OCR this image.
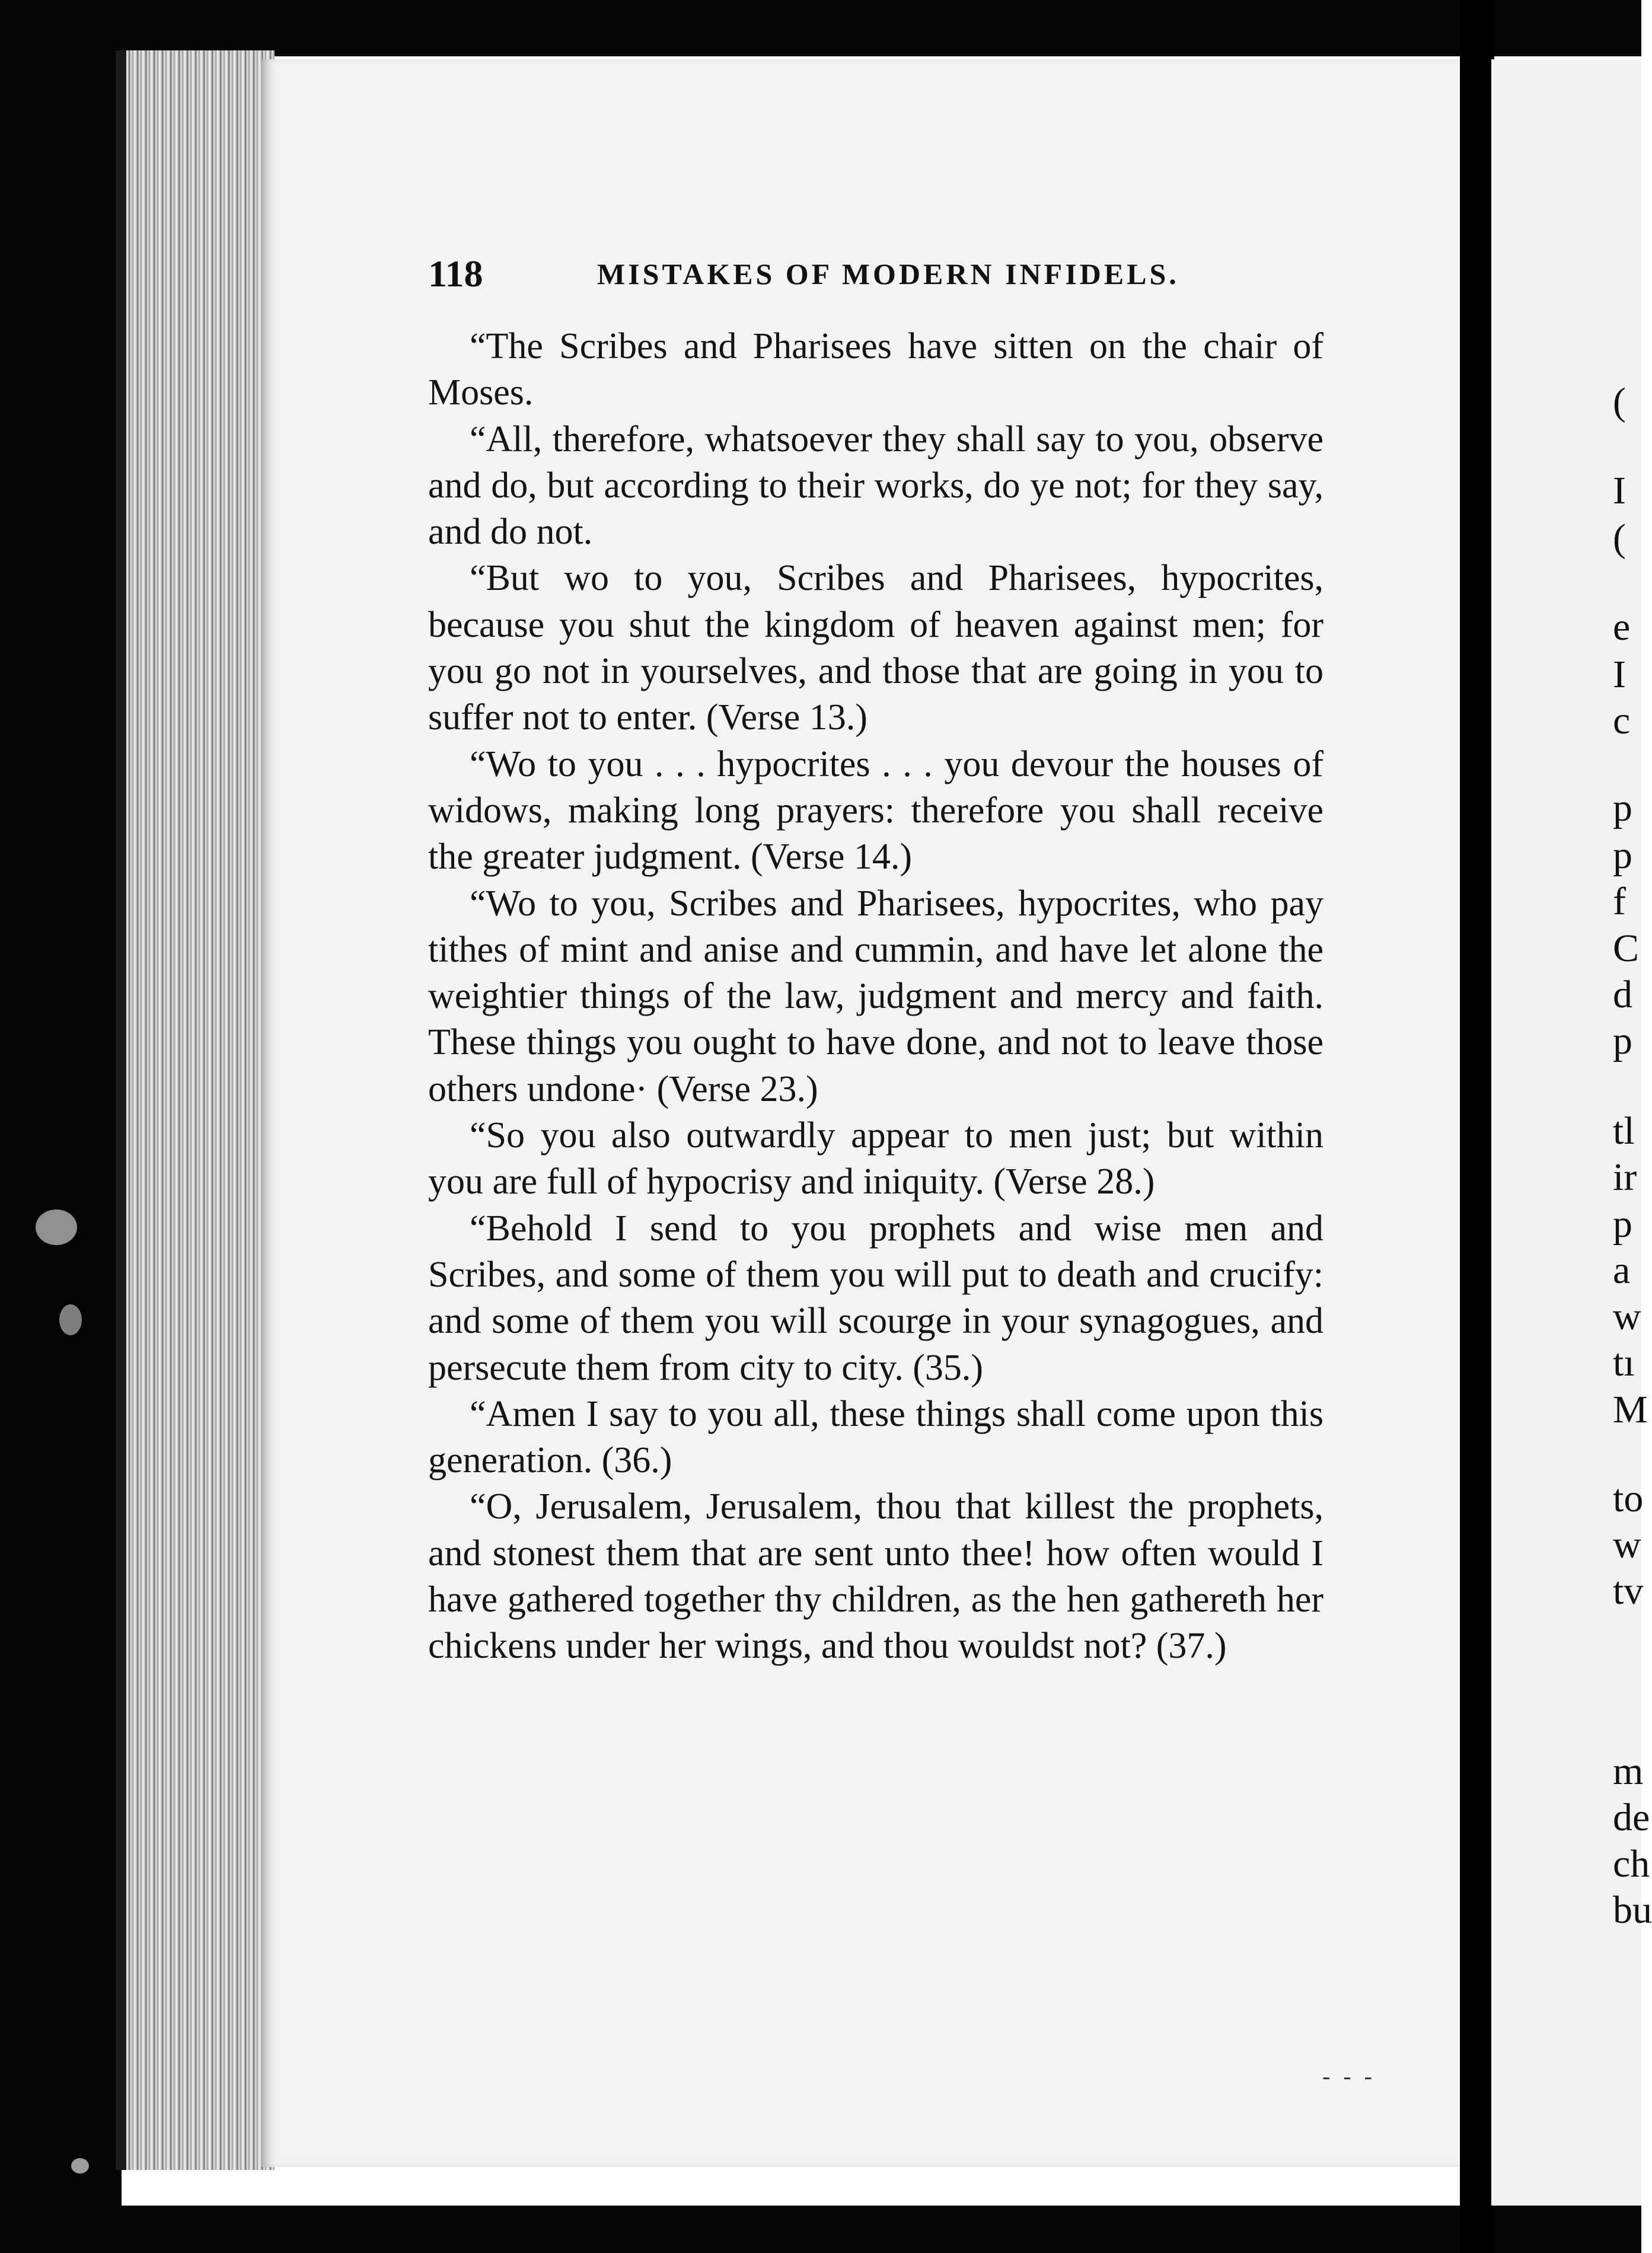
(
I
(
e
I
c
p
p
f
C
d
p
tl
ir
p
a
w
tı
M
to
w
tv
m
de
ch
bu
118	MISTAKES OF MODERN INFIDELS.

“The Scribes and Pharisees have sitten on the chair of Moses.

“All, therefore, whatsoever they shall say to you, observe and do, but according to their works, do ye not; for they say, and do not.

“But wo to you, Scribes and Pharisees, hypocrites, because you shut the kingdom of heaven against men; for you go not in yourselves, and those that are going in you to suffer not to enter. (Verse 13.)

“Wo to you . . . hypocrites . . . you devour the houses of widows, making long prayers: therefore you shall receive the greater judgment. (Verse 14.)

“Wo to you, Scribes and Pharisees, hypocrites, who pay tithes of mint and anise and cummin, and have let alone the weightier things of the law, judgment and mercy and faith. These things you ought to have done, and not to leave those others undone· (Verse 23.)

“So you also outwardly appear to men just; but within you are full of hypocrisy and iniquity. (Verse 28.)

“Behold I send to you prophets and wise men and Scribes, and some of them you will put to death and crucify: and some of them you will scourge in your synagogues, and persecute them from city to city. (35.)

“Amen I say to you all, these things shall come upon this generation. (36.)

“O, Jerusalem, Jerusalem, thou that killest the prophets, and stonest them that are sent unto thee! how often would I have gathered together thy children, as the hen gathereth her chickens under her wings, and thou wouldst not? (37.)

- - -
